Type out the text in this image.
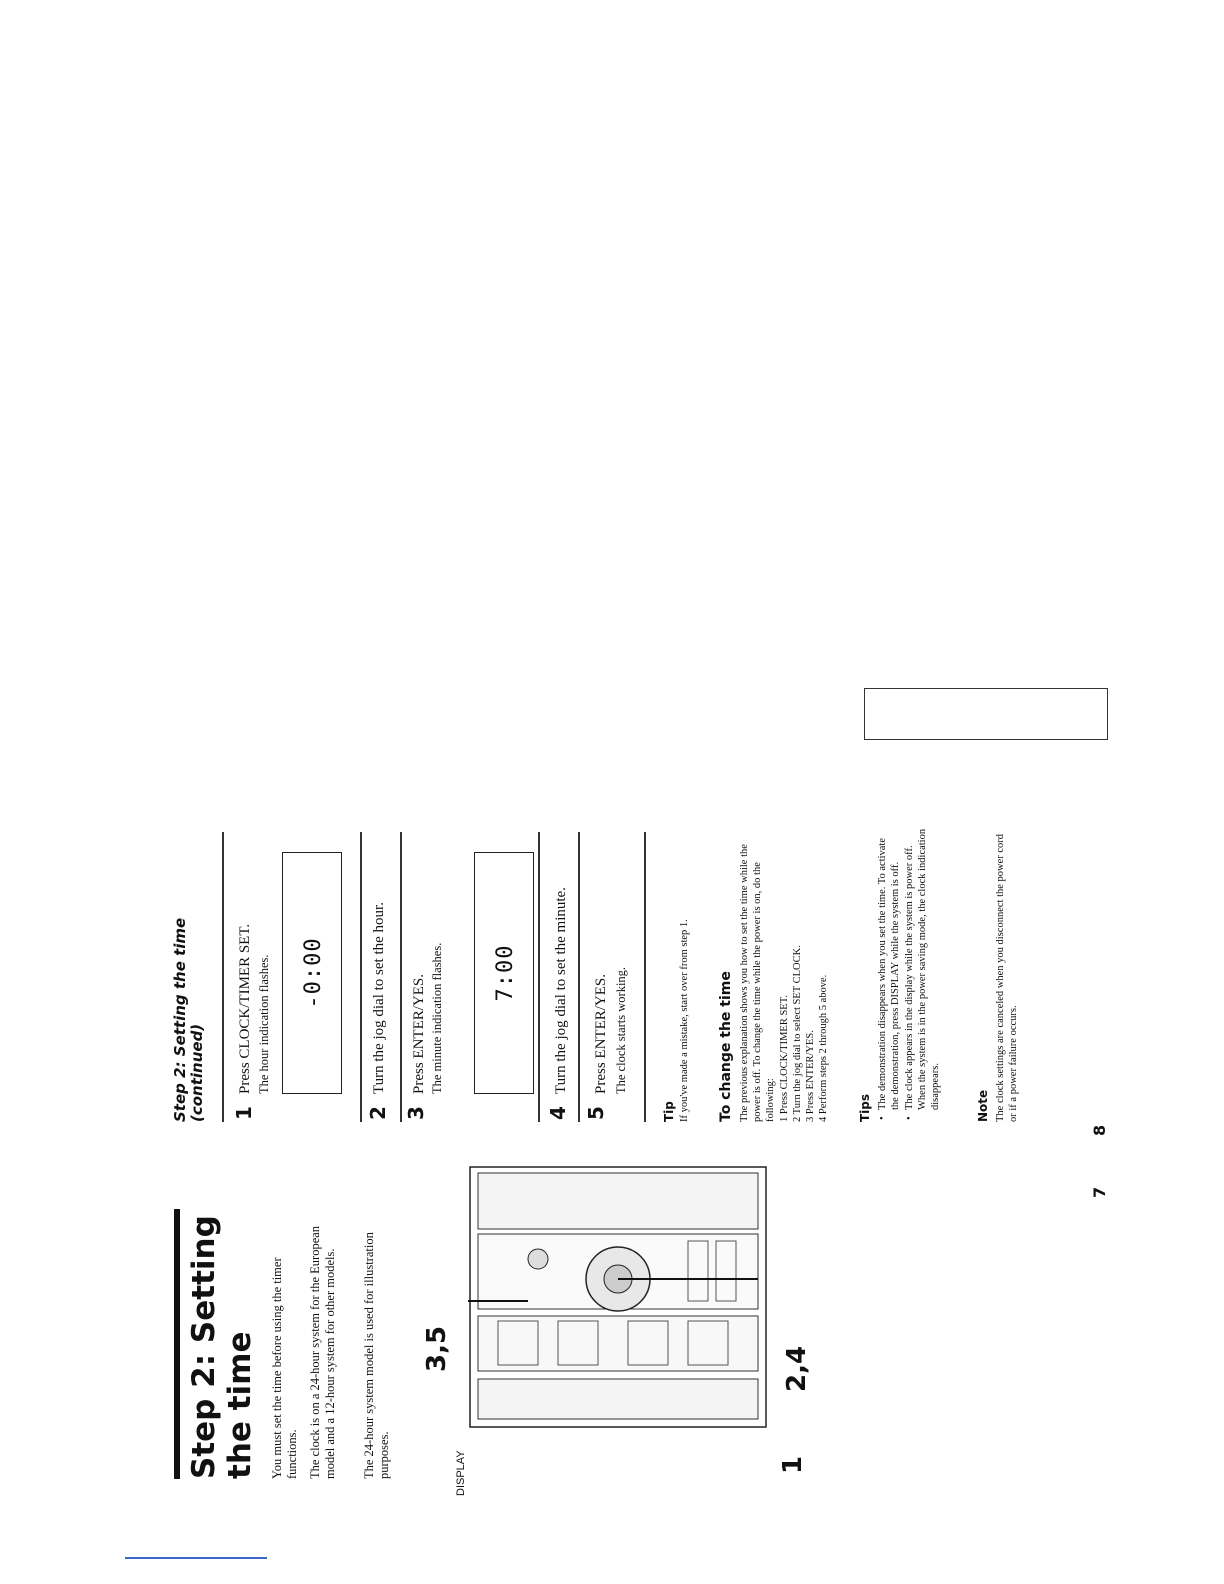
Step 2: Setting the time You must set the time before using the timer functions. The clock is on a 24-hour system for the European model and a 12-hour system for other models. The 24-hour system model is used for illustration purposes.	DISPLAY
3,5	2,4
1
Step 2: Setting the time
(continued) 1

Press CLOCK/TIMER SET. The hour indication flashes. -0:00
2

Turn the jog dial to set the hour.

3

Press ENTER/YES. The minute indication flashes. 7:00
4

Turn the jog dial to set the minute.

5

Press ENTER/YES. The clock starts working.

Tip If you've made a mistake, start over from step 1. To change the time The previous explanation shows you how to set the time while the power is off. To change the time while the power is on, do the following: 1 Press CLOCK/TIMER SET. 2 Turn the jog dial to select SET CLOCK. 3 Press ENTER/YES. 4 Perform steps 2 through 5 above. Tips • The demonstration disappears when you set the time. To activate the demonstration, press DISPLAY while the system is off. • The clock appears in the display while the system is power off. When the system is in the power saving mode, the clock indication disappears.	Note The clock settings are canceled when you disconnect the power cord or if a power failure occurs.

7
8
